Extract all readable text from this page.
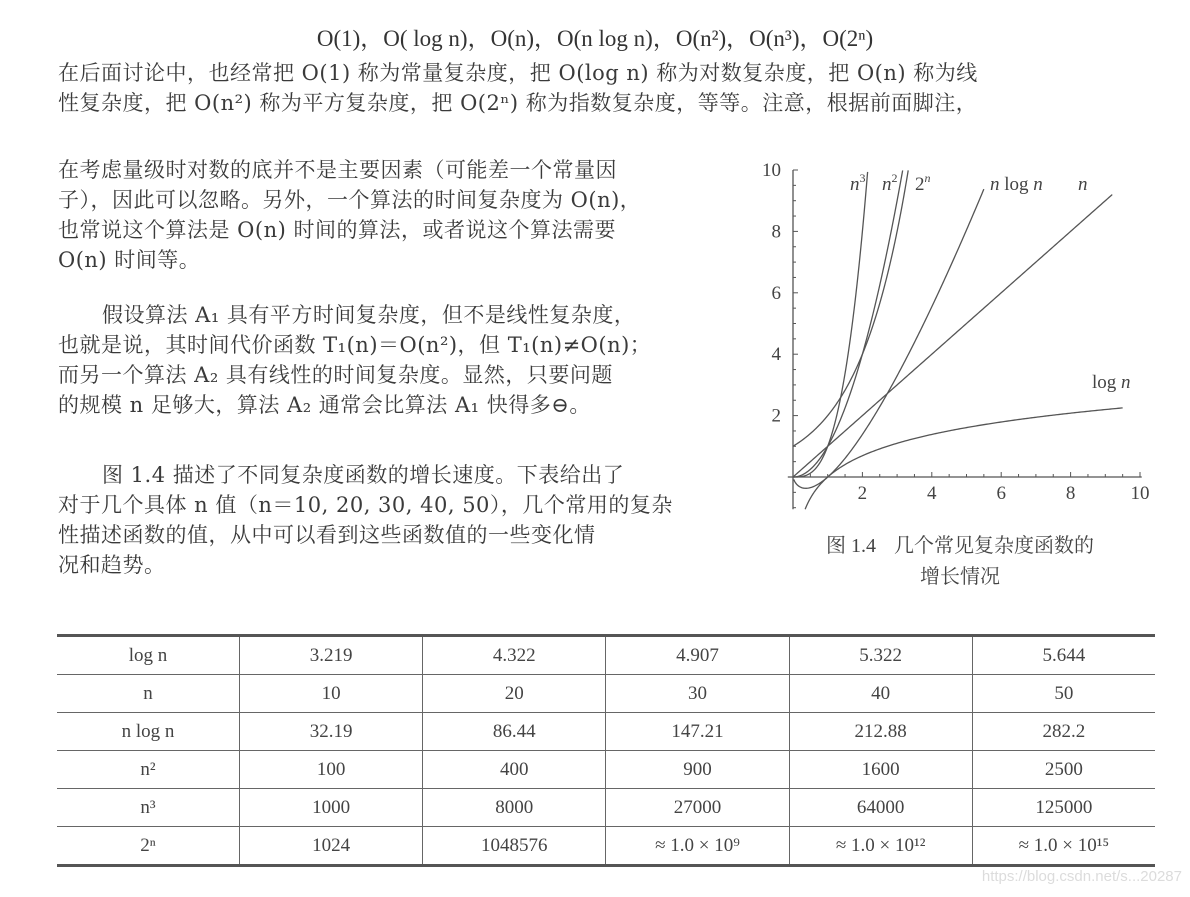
O(1)，O( log n)，O(n)，O(n log n)，O(n²)，O(n³)，O(2ⁿ)
在后面讨论中，也经常把 O(1) 称为常量复杂度，把 O(log n) 称为对数复杂度，把 O(n) 称为线
性复杂度，把 O(n²) 称为平方复杂度，把 O(2ⁿ) 称为指数复杂度，等等。注意，根据前面脚注，
在考虑量级时对数的底并不是主要因素（可能差一个常量因
子），因此可以忽略。另外，一个算法的时间复杂度为 O(n)，
也常说这个算法是 O(n) 时间的算法，或者说这个算法需要
O(n) 时间等。
假设算法 A₁ 具有平方时间复杂度，但不是线性复杂度，
也就是说，其时间代价函数 T₁(n)＝O(n²)，但 T₁(n)≠O(n)；
而另一个算法 A₂ 具有线性的时间复杂度。显然，只要问题
的规模 n 足够大，算法 A₂ 通常会比算法 A₁ 快得多⊖。
图 1.4 描述了不同复杂度函数的增长速度。下表给出了
对于几个具体 n 值（n＝10, 20, 30, 40, 50），几个常用的复杂
性描述函数的值，从中可以看到这些函数值的一些变化情
况和趋势。
2	4	6	8	10
2
4
6
8
10
$n^3$ $n^2$ 2$^n$	n log n n
log n
图 1.4 几个常见复杂度函数的
增长情况
log n	3.219	4.322	4.907	5.322	5.644
n	10	20	30	40	50
n log n	32.19	86.44	147.21	212.88	282.2
n²	100	400	900	1600	2500
n³	1000	8000	27000	64000	125000
2ⁿ	1024	1048576	≈ 1.0 × 10⁹	≈ 1.0 × 10¹²	≈ 1.0 × 10¹⁵
https://blog.csdn.net/s...20287
